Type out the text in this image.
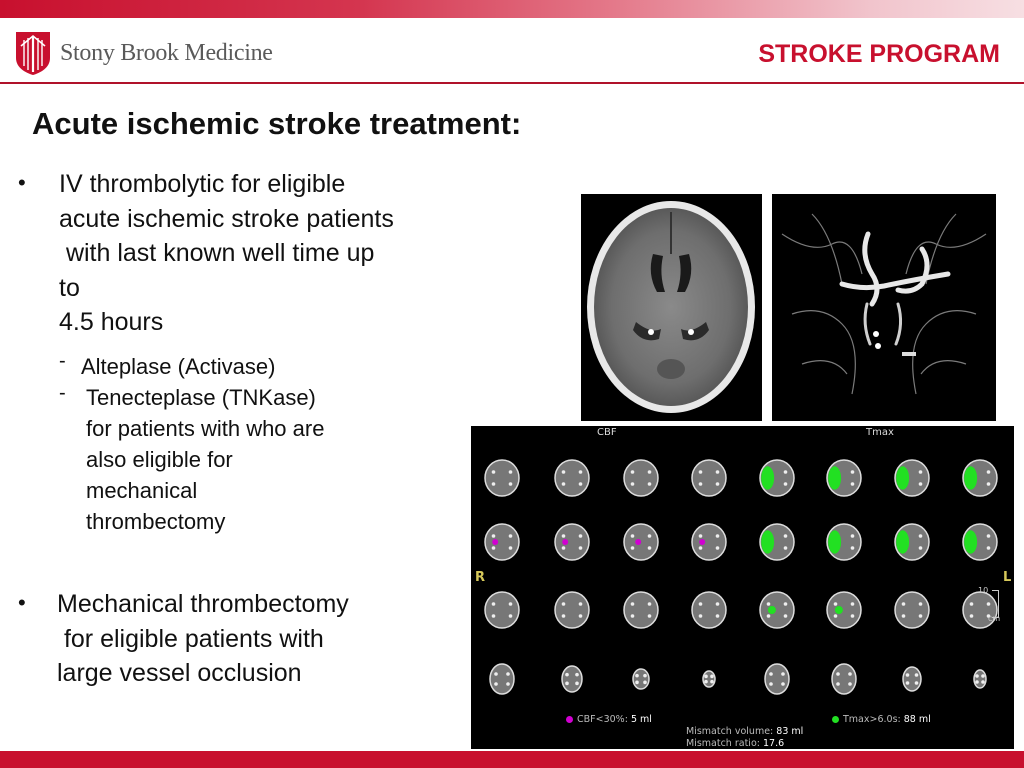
Stony Brook Medicine	STROKE PROGRAM
Acute ischemic stroke treatment:
• IV thrombolytic for eligible
acute ischemic stroke patients
with last known well time up
to
4.5 hours
- Alteplase (Activase)
- Tenecteplase (TNKase)
for patients with who are
also eligible for
mechanical
thrombectomy
• Mechanical thrombectomy
for eligible patients with
large vessel occlusion
CBF	Tmax
R	L
CBF<30%: 5 ml	Tmax>6.0s: 88 ml
Mismatch volume: 83 ml
Mismatch ratio: 17.6
10
cm
